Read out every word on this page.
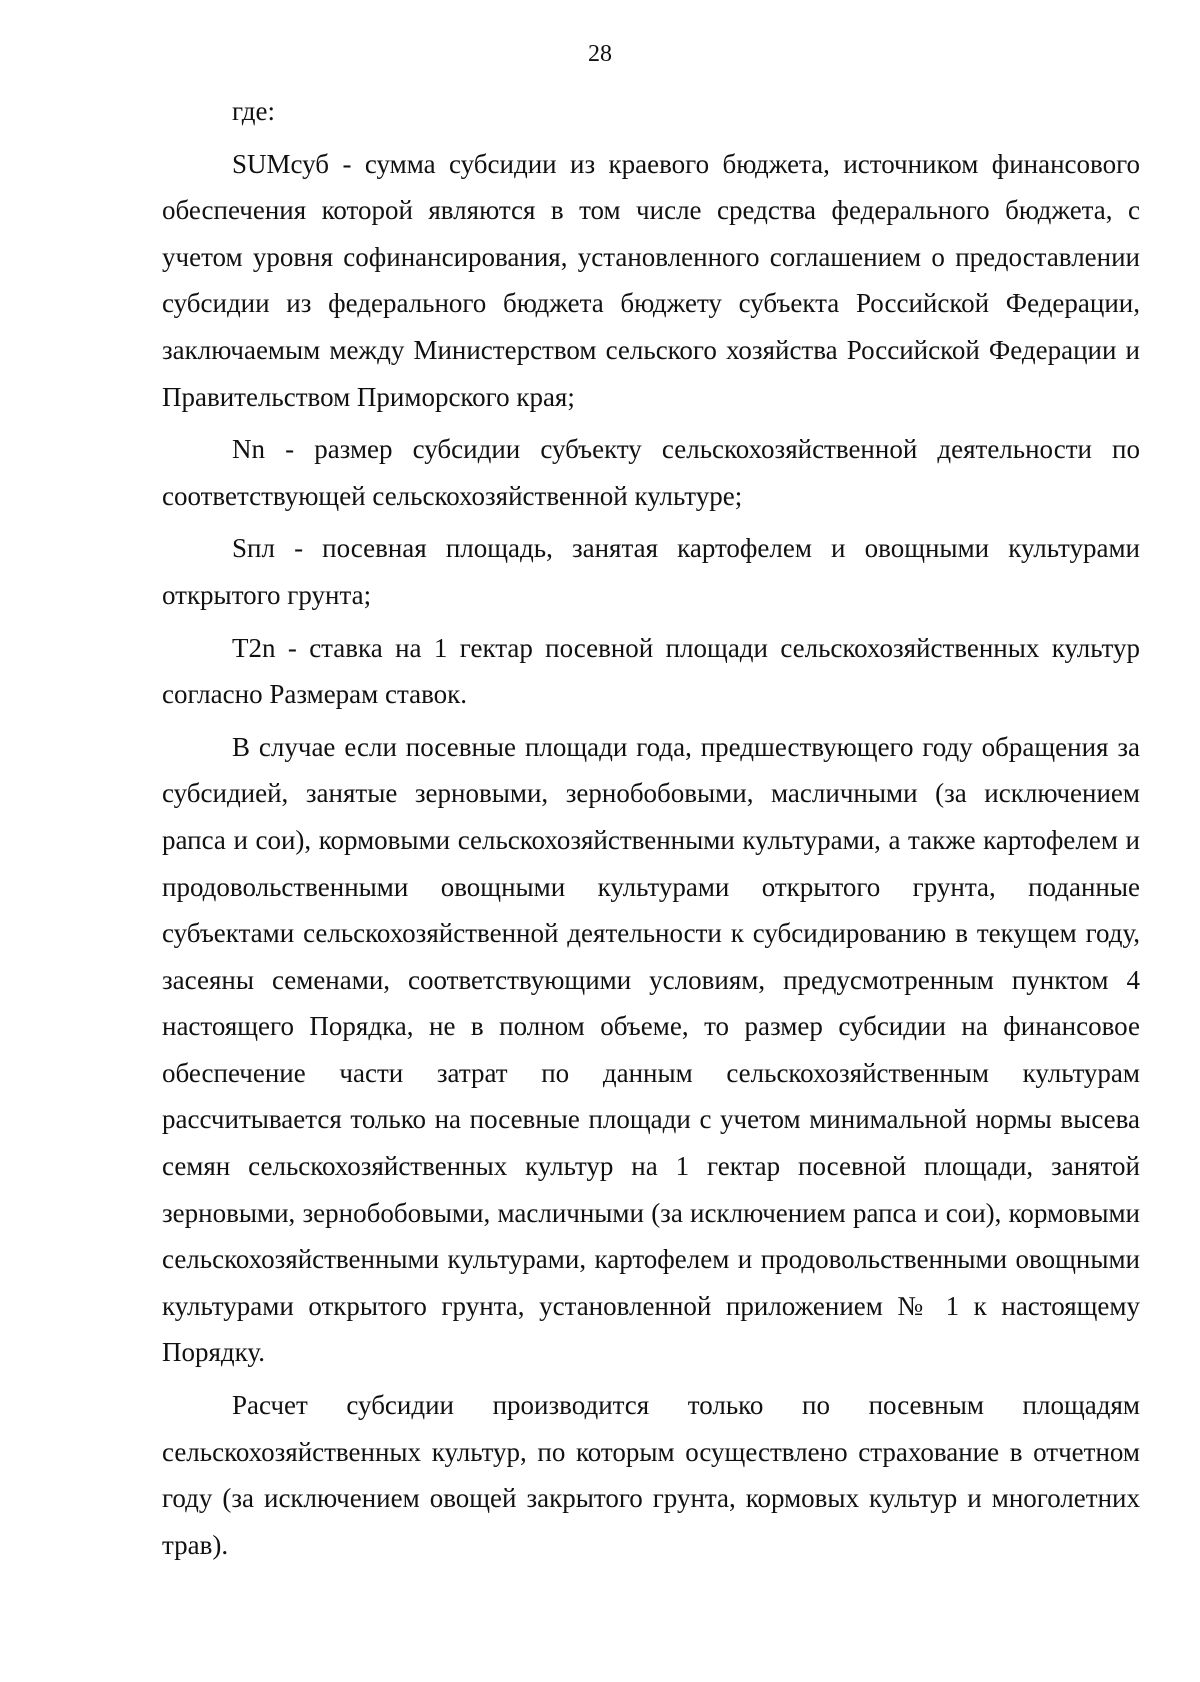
28

где:

SUMсуб - сумма субсидии из краевого бюджета, источником финансового обеспечения которой являются в том числе средства федерального бюджета, с учетом уровня софинансирования, установленного соглашением о предоставлении субсидии из федерального бюджета бюджету субъекта Российской Федерации, заключаемым между Министерством сельского хозяйства Российской Федерации и Правительством Приморского края;

Nn - размер субсидии субъекту сельскохозяйственной деятельности по соответствующей сельскохозяйственной культуре;

Sпл - посевная площадь, занятая картофелем и овощными культурами открытого грунта;

T2n - ставка на 1 гектар посевной площади сельскохозяйственных культур согласно Размерам ставок.

В случае если посевные площади года, предшествующего году обращения за субсидией, занятые зерновыми, зернобобовыми, масличными (за исключением рапса и сои), кормовыми сельскохозяйственными культурами, а также картофелем и продовольственными овощными культурами открытого грунта, поданные субъектами сельскохозяйственной деятельности к субсидированию в текущем году, засеяны семенами, соответствующими условиям, предусмотренным пунктом 4 настоящего Порядка, не в полном объеме, то размер субсидии на финансовое обеспечение части затрат по данным сельскохозяйственным культурам рассчитывается только на посевные площади с учетом минимальной нормы высева семян сельскохозяйственных культур на 1 гектар посевной площади, занятой зерновыми, зернобобовыми, масличными (за исключением рапса и сои), кормовыми сельскохозяйственными культурами, картофелем и продовольственными овощными культурами открытого грунта, установленной приложением № 1 к настоящему Порядку.

Расчет субсидии производится только по посевным площадям сельскохозяйственных культур, по которым осуществлено страхование в отчетном году (за исключением овощей закрытого грунта, кормовых культур и многолетних трав).
